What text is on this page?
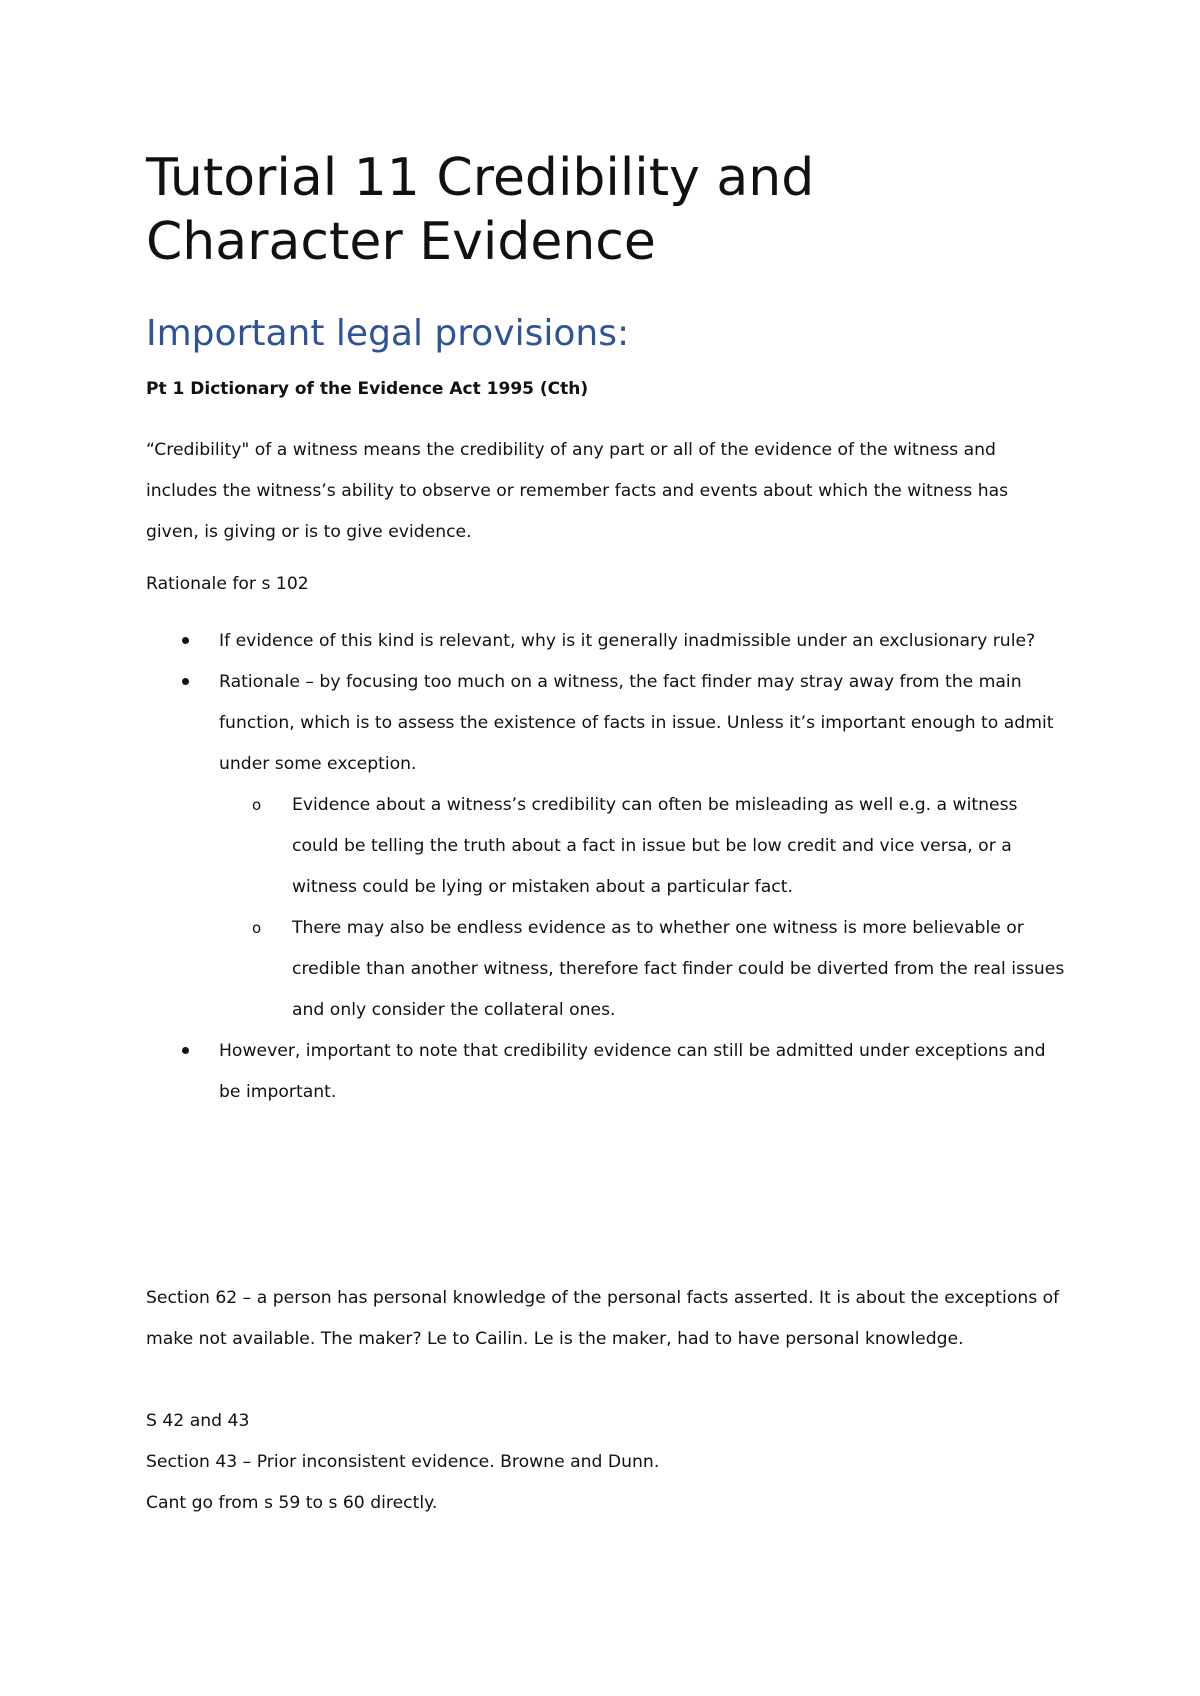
Tutorial 11 Credibility and Character Evidence
Important legal provisions:
Pt 1 Dictionary of the Evidence Act 1995 (Cth)

“Credibility" of a witness means the credibility of any part or all of the evidence of the witness and includes the witness’s ability to observe or remember facts and events about which the witness has given, is giving or is to give evidence.

Rationale for s 102

If evidence of this kind is relevant, why is it generally inadmissible under an exclusionary rule?
Rationale – by focusing too much on a witness, the fact finder may stray away from the main function, which is to assess the existence of facts in issue. Unless it’s important enough to admit under some exception.
o Evidence about a witness’s credibility can often be misleading as well e.g. a witness could be telling the truth about a fact in issue but be low credit and vice versa, or a witness could be lying or mistaken about a particular fact.
o There may also be endless evidence as to whether one witness is more believable or credible than another witness, therefore fact finder could be diverted from the real issues and only consider the collateral ones.
However, important to note that credibility evidence can still be admitted under exceptions and be important.

Section 62 – a person has personal knowledge of the personal facts asserted. It is about the exceptions of make not available. The maker? Le to Cailin. Le is the maker, had to have personal knowledge.

S 42 and 43

Section 43 – Prior inconsistent evidence. Browne and Dunn.

Cant go from s 59 to s 60 directly.
